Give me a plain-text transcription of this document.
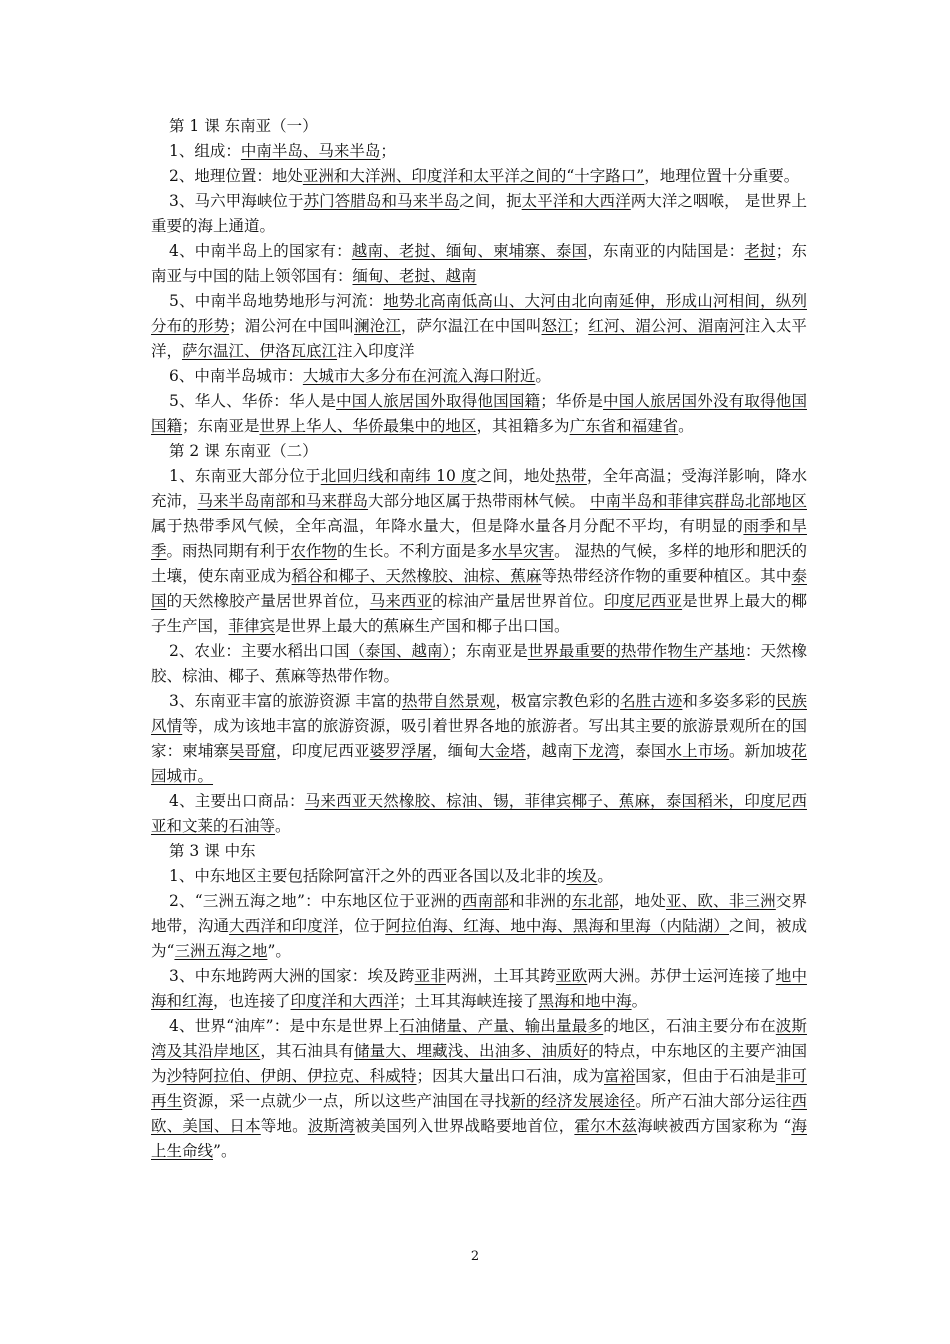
第 1 课 东南亚（一）

1、组成：中南半岛、马来半岛；

2、地理位置：地处亚洲和大洋洲、印度洋和太平洋之间的“十字路口”，地理位置十分重要。

3、马六甲海峡位于苏门答腊岛和马来半岛之间，扼太平洋和大西洋两大洋之咽喉， 是世界上重要的海上通道。

4、中南半岛上的国家有：越南、老挝、缅甸、柬埔寨、泰国，东南亚的内陆国是：老挝；东南亚与中国的陆上领邻国有：缅甸、老挝、越南

5、中南半岛地势地形与河流：地势北高南低高山、大河由北向南延伸，形成山河相间，纵列分布的形势；湄公河在中国叫澜沧江，萨尔温江在中国叫怒江；红河、湄公河、湄南河注入太平洋，萨尔温江、伊洛瓦底江注入印度洋

6、中南半岛城市：大城市大多分布在河流入海口附近。

5、华人、华侨：华人是中国人旅居国外取得他国国籍；华侨是中国人旅居国外没有取得他国国籍；东南亚是世界上华人、华侨最集中的地区，其祖籍多为广东省和福建省。

第 2 课 东南亚（二）

1、东南亚大部分位于北回归线和南纬 10 度之间，地处热带，全年高温；受海洋影响，降水充沛，马来半岛南部和马来群岛大部分地区属于热带雨林气候。 中南半岛和菲律宾群岛北部地区属于热带季风气候，全年高温，年降水量大，但是降水量各月分配不平均，有明显的雨季和旱季。雨热同期有利于农作物的生长。不利方面是多水旱灾害。 湿热的气候，多样的地形和肥沃的土壤，使东南亚成为稻谷和椰子、天然橡胶、油棕、蕉麻等热带经济作物的重要种植区。其中泰国的天然橡胶产量居世界首位，马来西亚的棕油产量居世界首位。印度尼西亚是世界上最大的椰子生产国，菲律宾是世界上最大的蕉麻生产国和椰子出口国。

2、农业：主要水稻出口国（泰国、越南）；东南亚是世界最重要的热带作物生产基地：天然橡胶、棕油、椰子、蕉麻等热带作物。

3、东南亚丰富的旅游资源 丰富的热带自然景观，极富宗教色彩的名胜古迹和多姿多彩的民族风情等，成为该地丰富的旅游资源，吸引着世界各地的旅游者。写出其主要的旅游景观所在的国家：柬埔寨吴哥窟，印度尼西亚婆罗浮屠，缅甸大金塔，越南下龙湾，泰国水上市场。新加坡花园城市。

4、主要出口商品：马来西亚天然橡胶、棕油、锡，菲律宾椰子、蕉麻，泰国稻米，印度尼西亚和文莱的石油等。

第 3 课 中东

1、中东地区主要包括除阿富汗之外的西亚各国以及北非的埃及。

2、“三洲五海之地”：中东地区位于亚洲的西南部和非洲的东北部，地处亚、欧、非三洲交界地带，沟通大西洋和印度洋，位于阿拉伯海、红海、地中海、黑海和里海（内陆湖）之间，被成为“三洲五海之地”。

3、中东地跨两大洲的国家：埃及跨亚非两洲，土耳其跨亚欧两大洲。苏伊士运河连接了地中海和红海，也连接了印度洋和大西洋；土耳其海峡连接了黑海和地中海。

4、世界“油库”：是中东是世界上石油储量、产量、输出量最多的地区，石油主要分布在波斯湾及其沿岸地区，其石油具有储量大、埋藏浅、出油多、油质好的特点，中东地区的主要产油国为沙特阿拉伯、伊朗、伊拉克、科威特；因其大量出口石油，成为富裕国家，但由于石油是非可再生资源，采一点就少一点，所以这些产油国在寻找新的经济发展途径。所产石油大部分运往西欧、美国、日本等地。波斯湾被美国列入世界战略要地首位，霍尔木兹海峡被西方国家称为 “海上生命线”。

2
